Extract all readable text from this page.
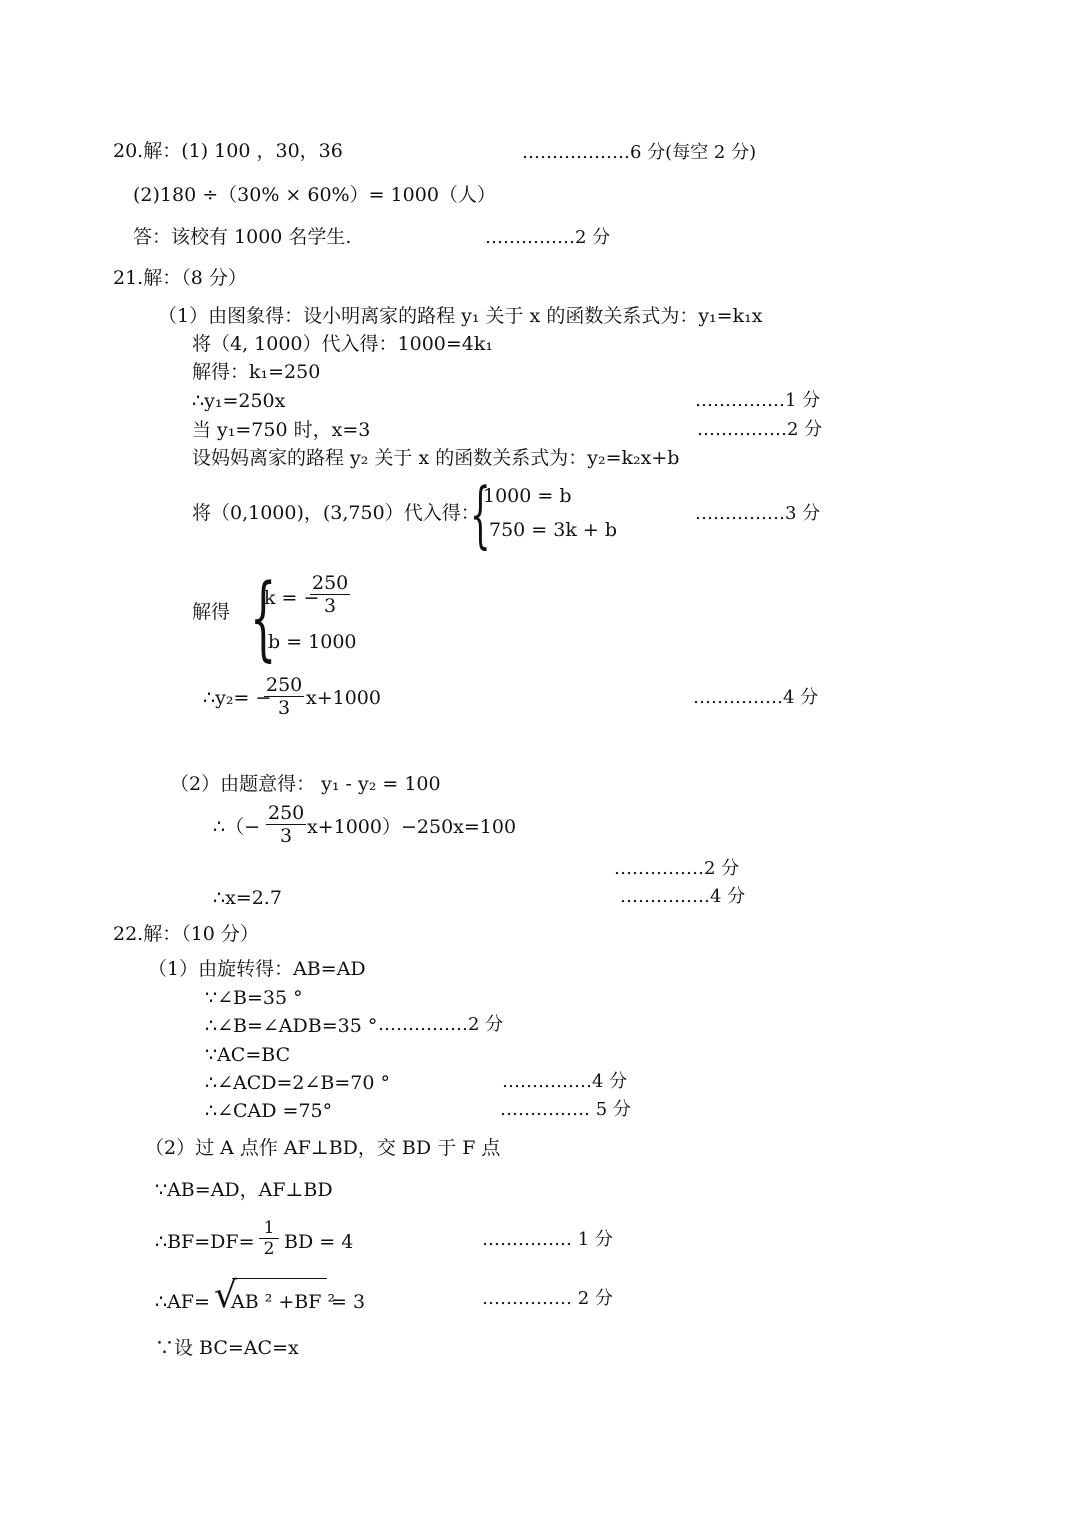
20.解：(1) 100 ，30，36	………………6 分(每空 2 分)
(2)180 ÷（30% × 60%）= 1000（人）
答：该校有 1000 名学生.	……………2 分
21.解：（8 分）
（1）由图象得：设小明离家的路程 y₁ 关于 x 的函数关系式为：y₁=k₁x
将（4, 1000）代入得：1000=4k₁
解得：k₁=250
∴y₁=250x	……………1 分
当 y₁=750 时，x=3	……………2 分
设妈妈离家的路程 y₂ 关于 x 的函数关系式为：y₂=k₂x+b
将（0,1000)，(3,750）代入得：
{
1000 = b
750 = 3k + b
……………3 分
解得 {
k = −
$\frac{250}{3}$
b = 1000
∴y₂= −
$\frac{250}{3} x+1000$	……………4 分
（2）由题意得： y₁ - y₂ = 100
∴（− $\frac{250}{3} x+1000)-250x=100$
……………2 分
∴x=2.7	……………4 分
22.解：（10 分）
（1）由旋转得：AB=AD
∵∠B=35 °
∴∠B=∠ADB=35 ° ……………2 分
∵AC=BC
∴∠ACD=2∠B=70 °	……………4 分
∴∠CAD =75°	…………… 5 分
（2）过 A 点作 AF⊥BD，交 BD 于 F 点
∵AB=AD，AF⊥BD
∴BF=DF= $\frac{1}{2}$ BD = 4	…………… 1 分
∴AF= √
AB ² +BF ²
= 3	…………… 2 分
∵设 BC=AC=x
